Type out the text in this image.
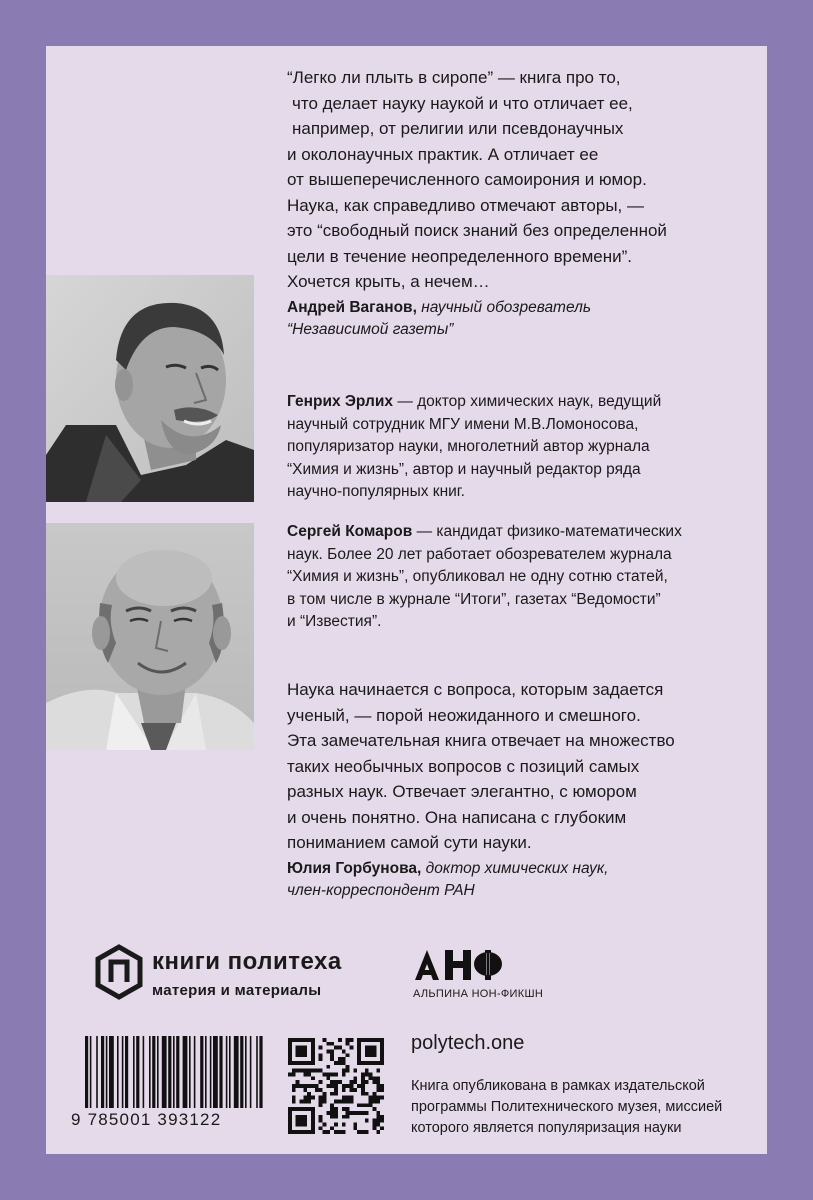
“Легко ли плыть в сиропе” — книга про то,
что делает науку наукой и что отличает ее,
например, от религии или псевдонаучных
и околонаучных практик. А отличает ее
от вышеперечисленного самоирония и юмор.
Наука, как справедливо отмечают авторы, —
это “свободный поиск знаний без определенной
цели в течение неопределенного времени”.
Хочется крыть, а нечем…
Андрей Ваганов, научный обозреватель
“Независимой газеты”
Генрих Эрлих — доктор химических наук, ведущий
научный сотрудник МГУ имени М.В.Ломоносова,
популяризатор науки, многолетний автор журнала
“Химия и жизнь”, автор и научный редактор ряда
научно-популярных книг.
Сергей Комаров — кандидат физико-математических
наук. Более 20 лет работает обозревателем журнала
“Химия и жизнь”, опубликовал не одну сотню статей,
в том числе в журнале “Итоги”, газетах “Ведомости”
и “Известия”.
Наука начинается с вопроса, которым задается
ученый, — порой неожиданного и смешного.
Эта замечательная книга отвечает на множество
таких необычных вопросов с позиций самых
разных наук. Отвечает элегантно, с юмором
и очень понятно. Она написана с глубоким
пониманием самой сути науки.
Юлия Горбунова, доктор химических наук,
член-корреспондент РАН
книги политеха
материя и материалы	АЛЬПИНА НОН-ФИКШН
9 785001 393122
polytech.one
Книга опубликована в рамках издательской
программы Политехнического музея, миссией
которого является популяризация науки
